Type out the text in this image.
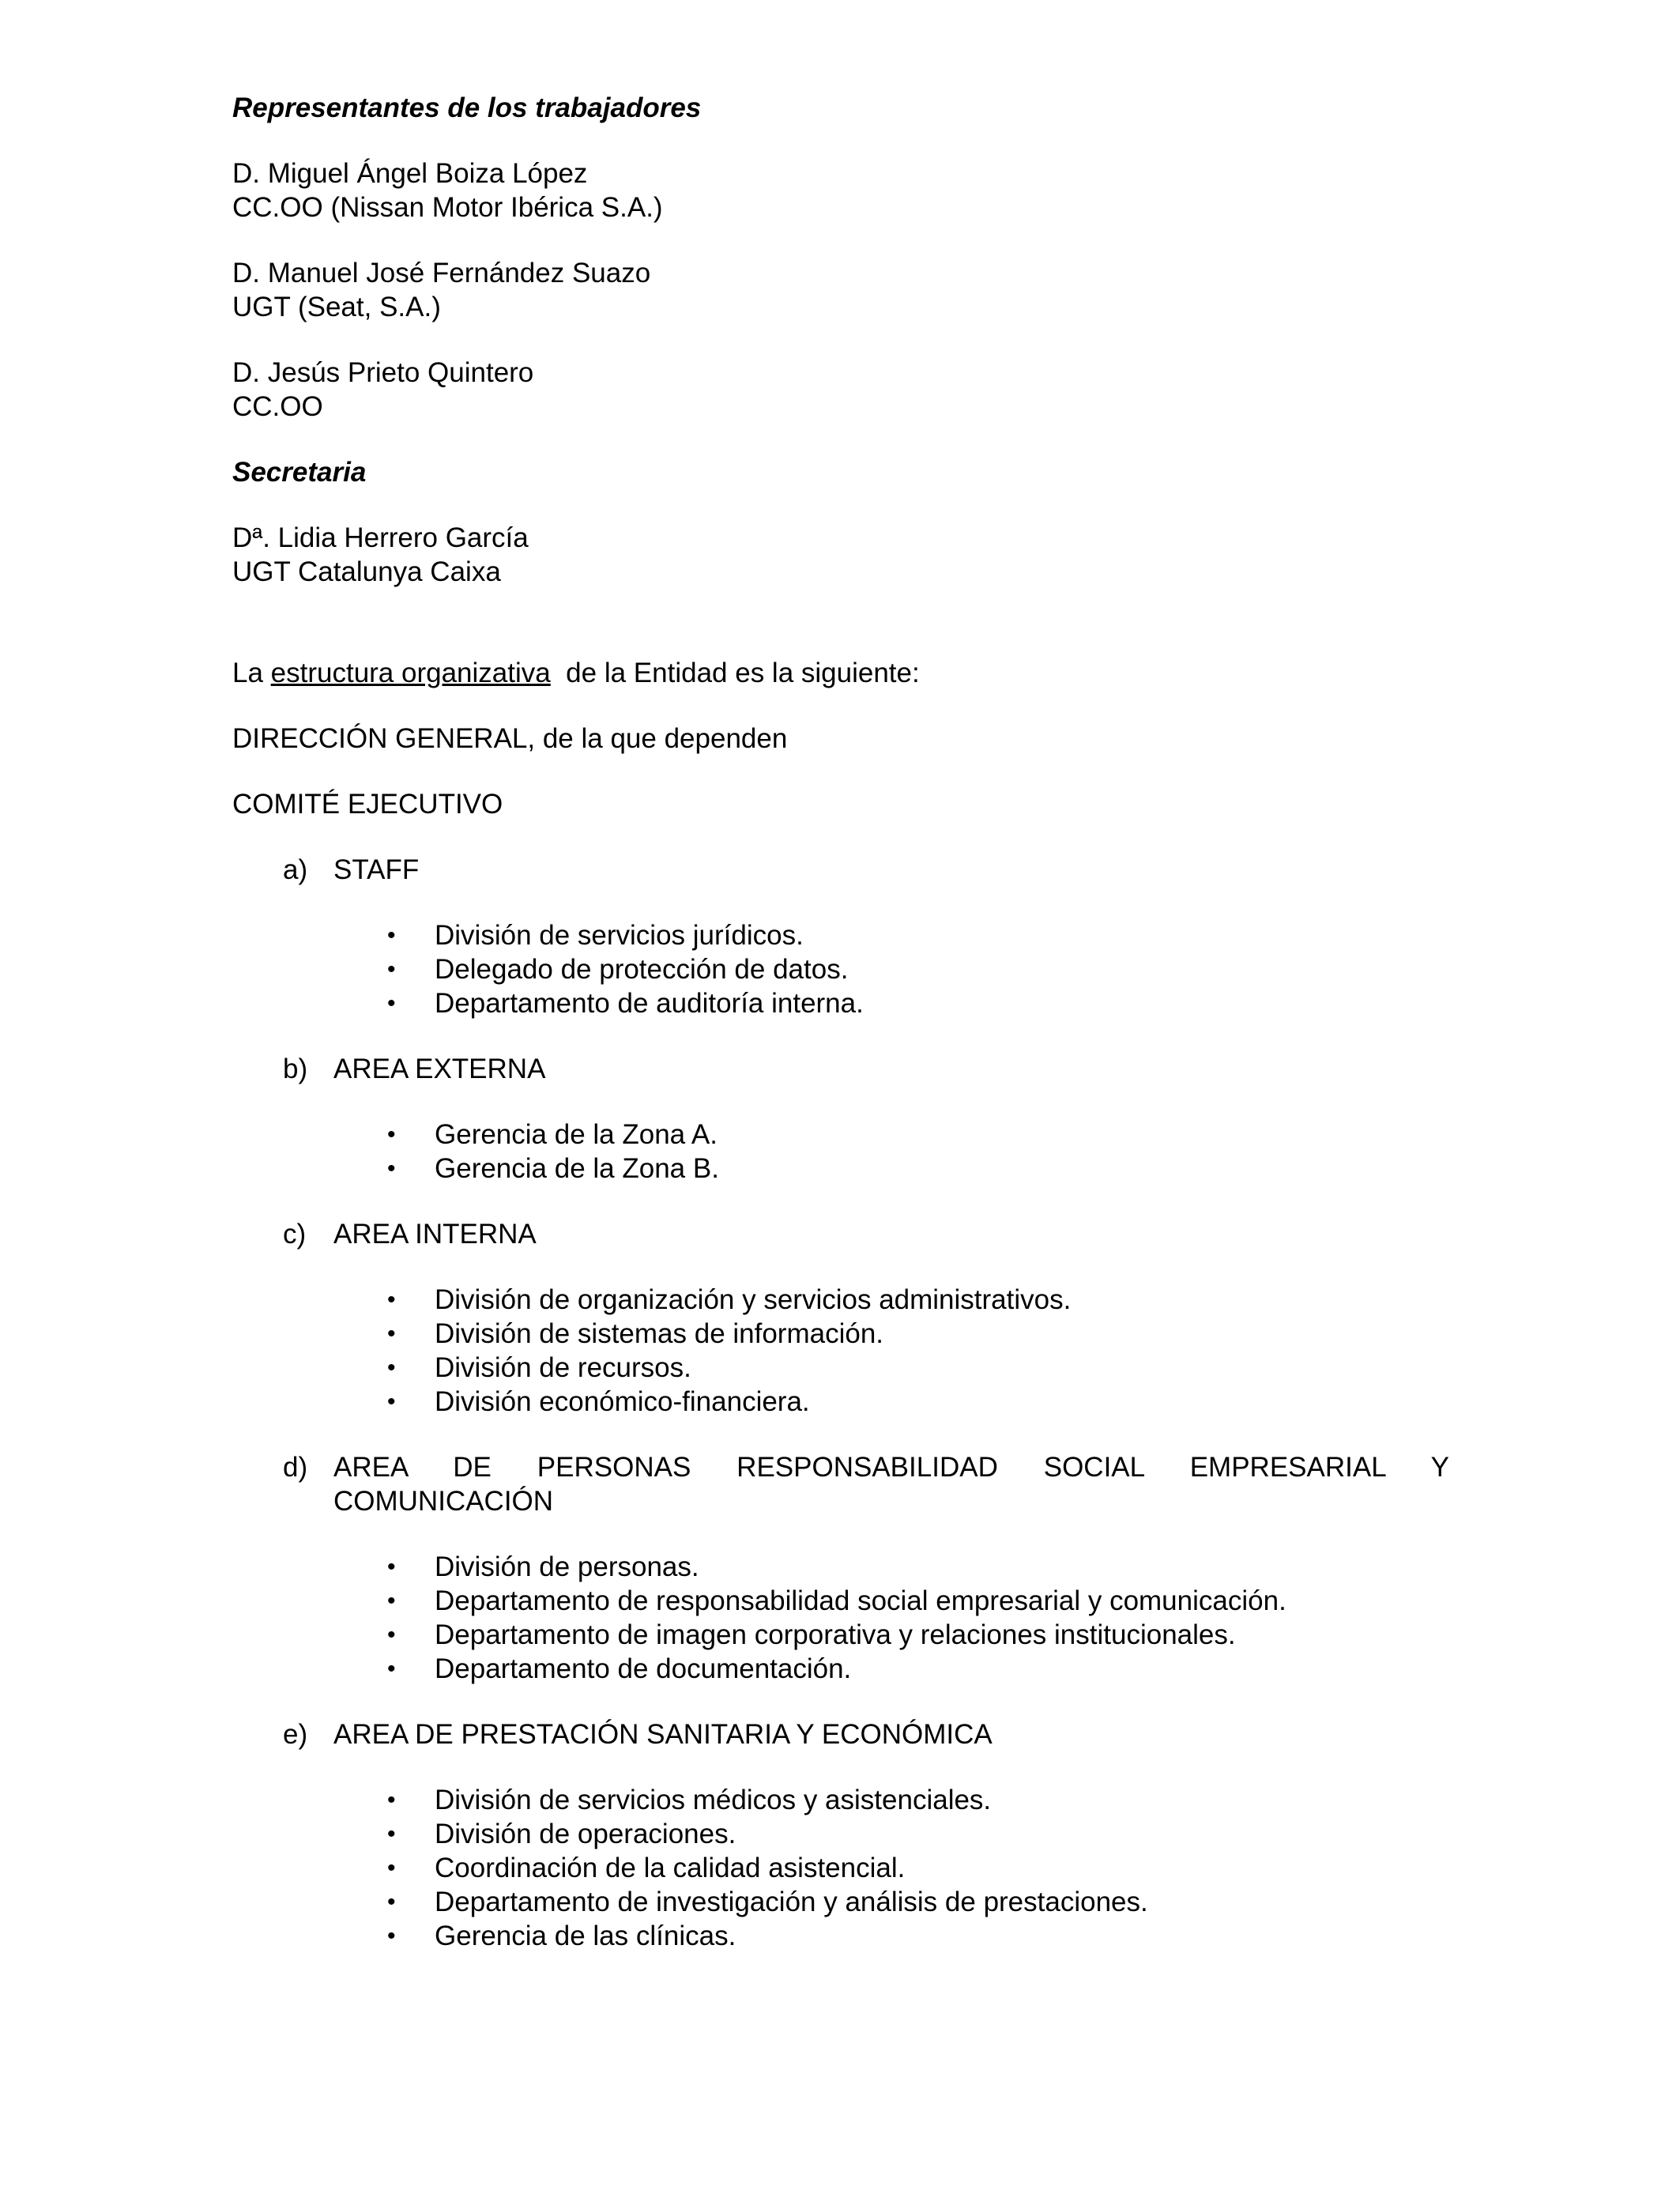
Representantes de los trabajadores

D. Miguel Ángel Boiza López

CC.OO (Nissan Motor Ibérica S.A.)

D. Manuel José Fernández Suazo

UGT (Seat, S.A.)

D. Jesús Prieto Quintero

CC.OO

Secretaria

Dª. Lidia Herrero García

UGT Catalunya Caixa

La estructura organizativa  de la Entidad es la siguiente:

DIRECCIÓN GENERAL, de la que dependen

COMITÉ EJECUTIVO

a) STAFF
• División de servicios jurídicos.
• Delegado de protección de datos.
• Departamento de auditoría interna.
b) AREA EXTERNA
• Gerencia de la Zona A.
• Gerencia de la Zona B.
c) AREA INTERNA
• División de organización y servicios administrativos.
• División de sistemas de información.
• División de recursos.
• División económico-financiera.
d) AREA DE PERSONAS RESPONSABILIDAD SOCIAL EMPRESARIAL Y
COMUNICACIÓN
• División de personas.
• Departamento de responsabilidad social empresarial y comunicación.
• Departamento de imagen corporativa y relaciones institucionales.
• Departamento de documentación.
e) AREA DE PRESTACIÓN SANITARIA Y ECONÓMICA
• División de servicios médicos y asistenciales.
• División de operaciones.
• Coordinación de la calidad asistencial.
• Departamento de investigación y análisis de prestaciones.
• Gerencia de las clínicas.
